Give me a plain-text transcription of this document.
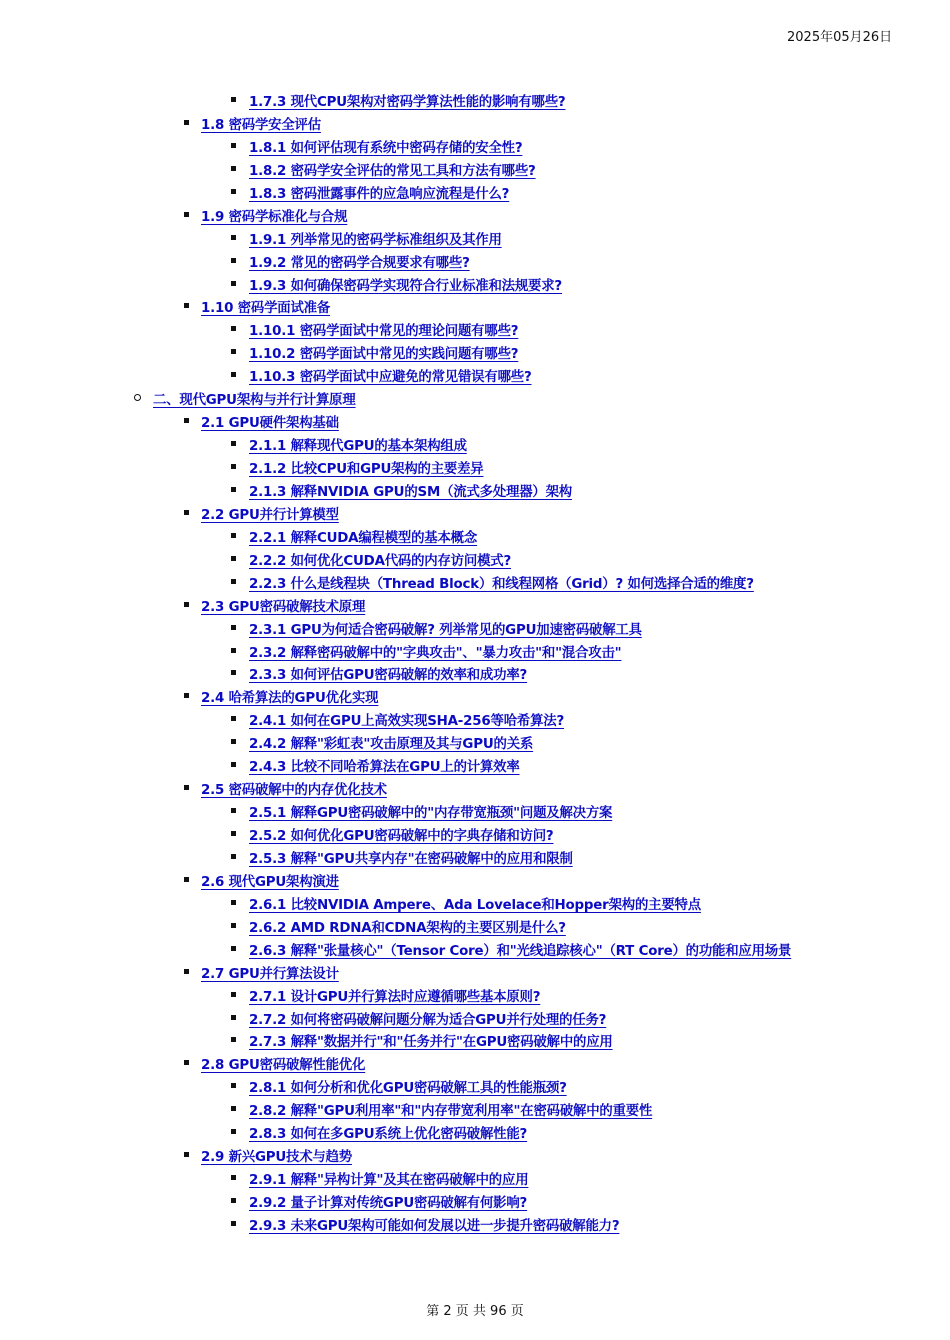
2025年05月26日
1.7.3 现代CPU架构对密码学算法性能的影响有哪些?
1.8 密码学安全评估
1.8.1 如何评估现有系统中密码存储的安全性?
1.8.2 密码学安全评估的常见工具和方法有哪些?
1.8.3 密码泄露事件的应急响应流程是什么?
1.9 密码学标准化与合规
1.9.1 列举常见的密码学标准组织及其作用
1.9.2 常见的密码学合规要求有哪些?
1.9.3 如何确保密码学实现符合行业标准和法规要求?
1.10 密码学面试准备
1.10.1 密码学面试中常见的理论问题有哪些?
1.10.2 密码学面试中常见的实践问题有哪些?
1.10.3 密码学面试中应避免的常见错误有哪些?
二、现代GPU架构与并行计算原理
2.1 GPU硬件架构基础
2.1.1 解释现代GPU的基本架构组成
2.1.2 比较CPU和GPU架构的主要差异
2.1.3 解释NVIDIA GPU的SM（流式多处理器）架构
2.2 GPU并行计算模型
2.2.1 解释CUDA编程模型的基本概念
2.2.2 如何优化CUDA代码的内存访问模式?
2.2.3 什么是线程块（Thread Block）和线程网格（Grid）? 如何选择合适的维度?
2.3 GPU密码破解技术原理
2.3.1 GPU为何适合密码破解? 列举常见的GPU加速密码破解工具
2.3.2 解释密码破解中的"字典攻击"、"暴力攻击"和"混合攻击"
2.3.3 如何评估GPU密码破解的效率和成功率?
2.4 哈希算法的GPU优化实现
2.4.1 如何在GPU上高效实现SHA-256等哈希算法?
2.4.2 解释"彩虹表"攻击原理及其与GPU的关系
2.4.3 比较不同哈希算法在GPU上的计算效率
2.5 密码破解中的内存优化技术
2.5.1 解释GPU密码破解中的"内存带宽瓶颈"问题及解决方案
2.5.2 如何优化GPU密码破解中的字典存储和访问?
2.5.3 解释"GPU共享内存"在密码破解中的应用和限制
2.6 现代GPU架构演进
2.6.1 比较NVIDIA Ampere、Ada Lovelace和Hopper架构的主要特点
2.6.2 AMD RDNA和CDNA架构的主要区别是什么?
2.6.3 解释"张量核心"（Tensor Core）和"光线追踪核心"（RT Core）的功能和应用场景
2.7 GPU并行算法设计
2.7.1 设计GPU并行算法时应遵循哪些基本原则?
2.7.2 如何将密码破解问题分解为适合GPU并行处理的任务?
2.7.3 解释"数据并行"和"任务并行"在GPU密码破解中的应用
2.8 GPU密码破解性能优化
2.8.1 如何分析和优化GPU密码破解工具的性能瓶颈?
2.8.2 解释"GPU利用率"和"内存带宽利用率"在密码破解中的重要性
2.8.3 如何在多GPU系统上优化密码破解性能?
2.9 新兴GPU技术与趋势
2.9.1 解释"异构计算"及其在密码破解中的应用
2.9.2 量子计算对传统GPU密码破解有何影响?
2.9.3 未来GPU架构可能如何发展以进一步提升密码破解能力?
第 2 页 共 96 页
